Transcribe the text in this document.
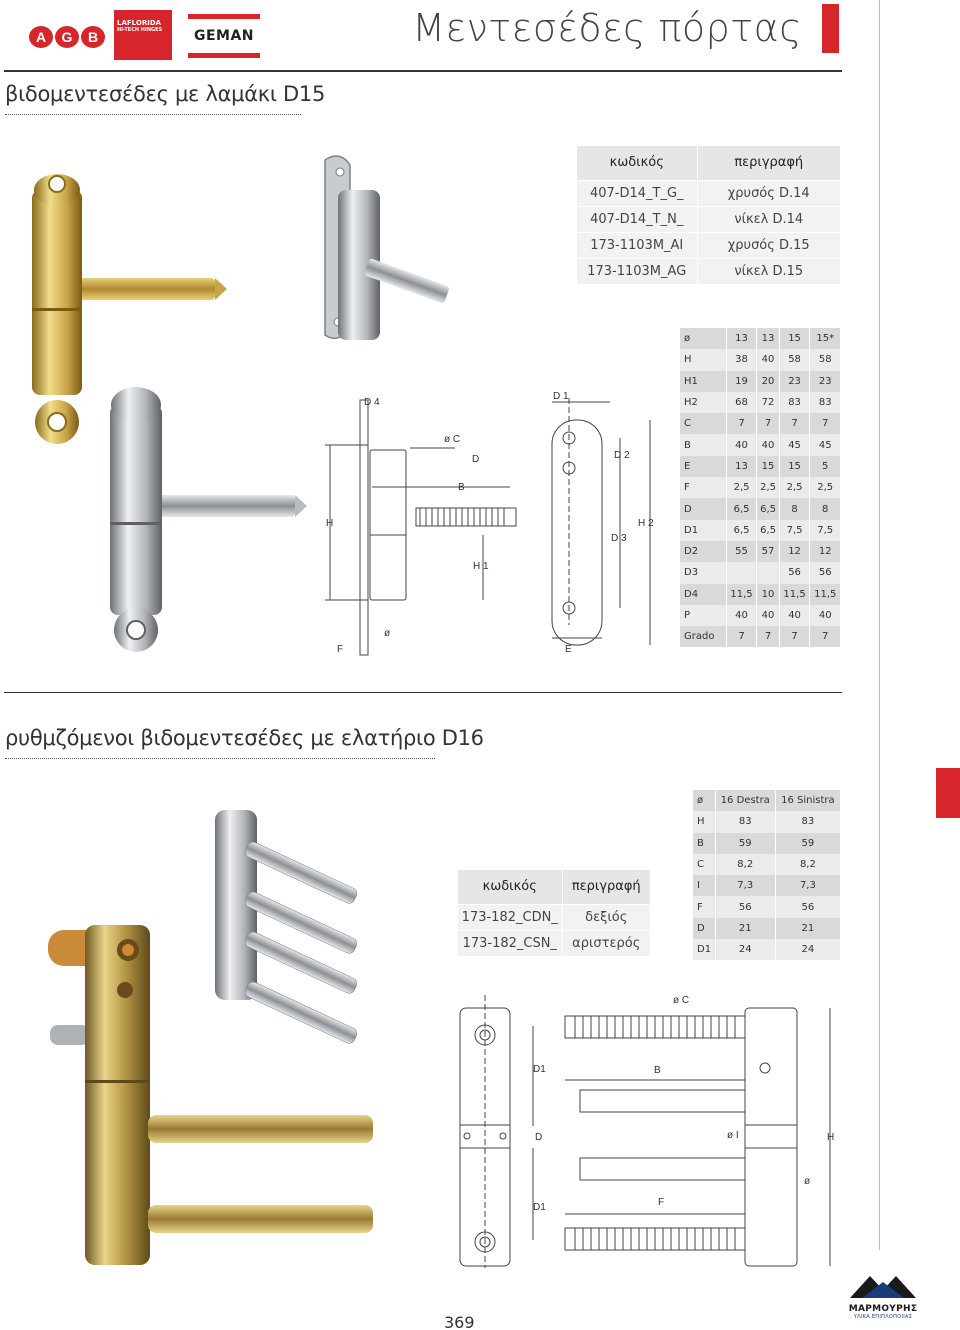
A G B
LAFLORIDA
HI-TECH HINGES	GEMAN	Μεντεσέδες πόρτας
βιδομεντεσέδες με λαμάκι D15
κωδικός	περιγραφή
407-D14_T_G_	χρυσός D.14
407-D14_T_N_	νίκελ D.14
173-1103M_AI	χρυσός D.15
173-1103M_AG	νίκελ D.15
D 4
ø C
D
B
H
H 1
F
ø
D 1
D 2
H 2
D 3
E
ø	13	13	15	15*
H	38	40	58	58
H1	19	20	23	23
H2	68	72	83	83
C	7	7	7	7
B	40	40	45	45
E	13	15	15	5
F	2,5	2,5	2,5	2,5
D	6,5	6,5	8	8
D1	6,5	6,5	7,5	7,5
D2	55	57	12	12
D3			56	56
D4	11,5	10	11,5	11,5
P	40	40	40	40
Grado	7	7	7	7
ρυθμζόμενοι βιδομεντεσέδες με ελατήριο D16
κωδικός	περιγραφή
173-182_CDN_	δεξιός
173-182_CSN_	αριστερός
ø	16 Destra	16 Sinistra
H	83	83
B	59	59
C	8,2	8,2
I	7,3	7,3
F	56	56
D	21	21
D1	24	24
D1
D
D1
ø C
B
ø I	H
F
ø
369
ΜΑΡΜΟΥΡΗΣ
ΥΛΙΚΑ ΕΠΙΠΛΟΠΟΙΙΑΣ
